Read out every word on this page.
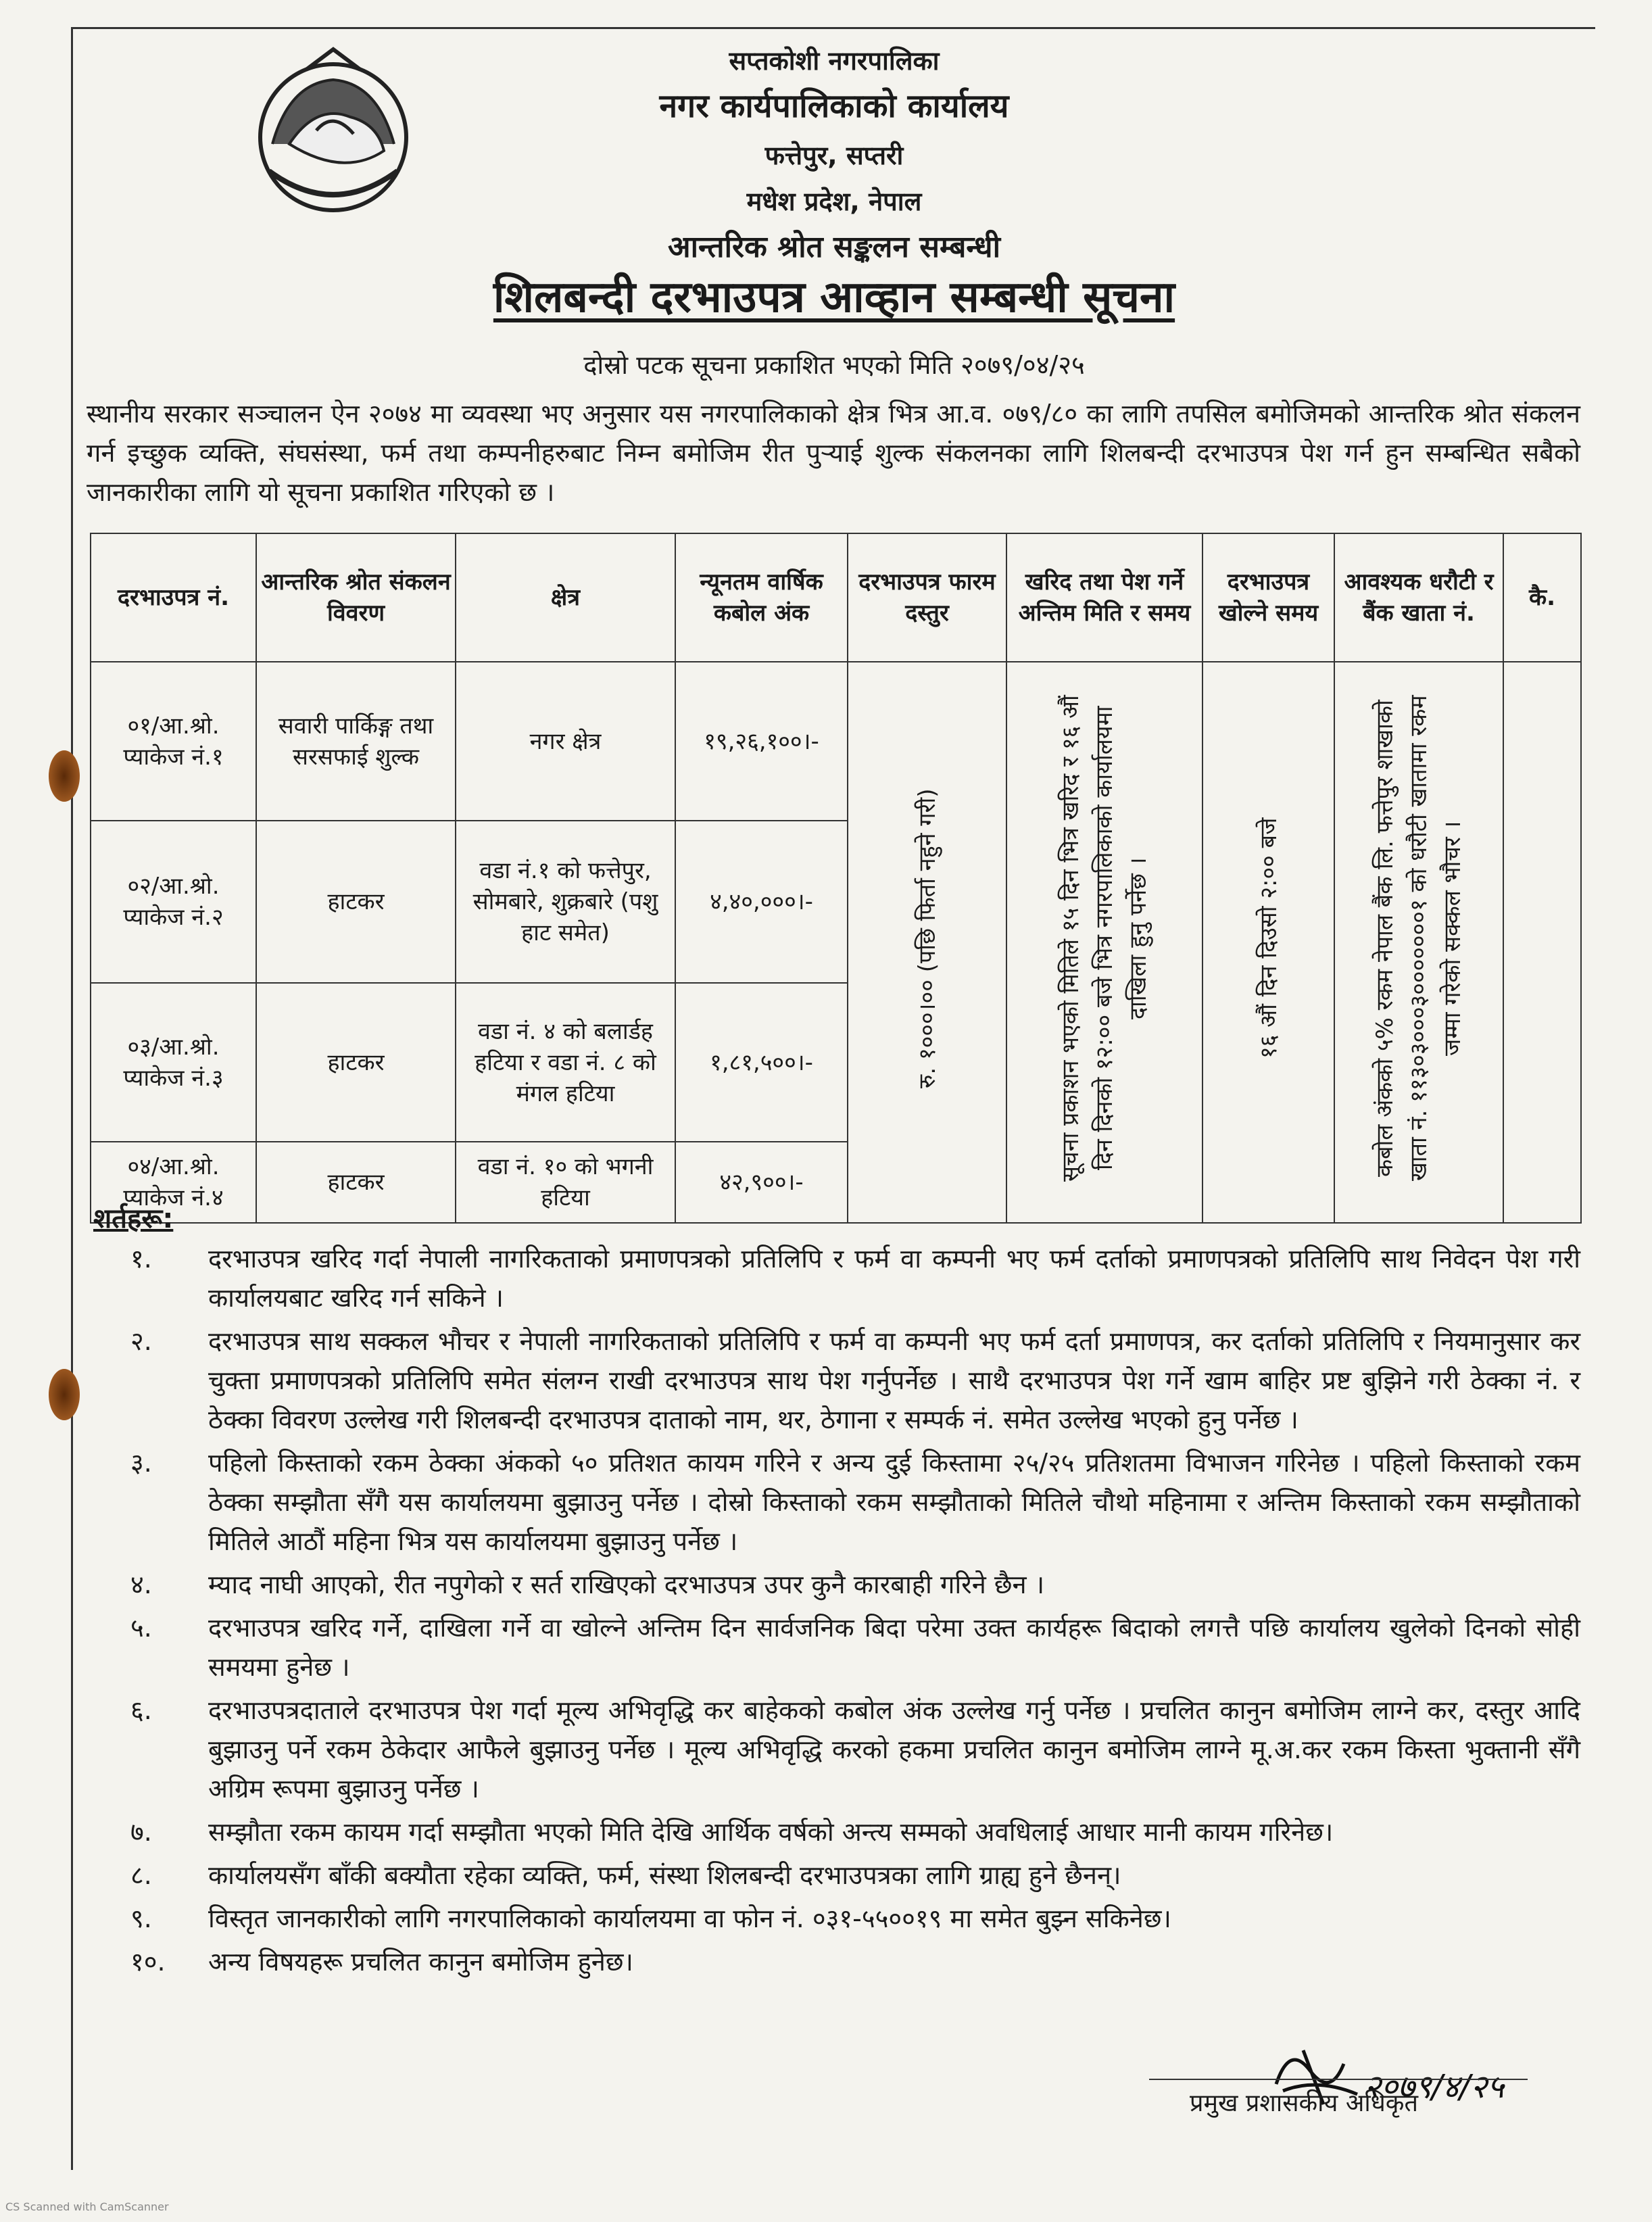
सप्तकोशी नगरपालिका
नगर कार्यपालिकाको कार्यालय
फत्तेपुर, सप्तरी
मधेश प्रदेश, नेपाल
आन्तरिक श्रोत सङ्कलन सम्बन्धी
शिलबन्दी दरभाउपत्र आव्हान सम्बन्धी सूचना
दोस्रो पटक सूचना प्रकाशित भएको मिति २०७९/०४/२५
स्थानीय सरकार सञ्चालन ऐन २०७४ मा व्यवस्था भए अनुसार यस नगरपालिकाको क्षेत्र भित्र आ.व. ०७९/८० का लागि तपसिल बमोजिमको आन्तरिक श्रोत संकलन गर्न इच्छुक व्यक्ति, संघसंस्था, फर्म तथा कम्पनीहरुबाट निम्न बमोजिम रीत पुऱ्याई शुल्क संकलनका लागि शिलबन्दी दरभाउपत्र पेश गर्न हुन सम्बन्धित सबैको जानकारीका लागि यो सूचना प्रकाशित गरिएको छ ।
दरभाउपत्र नं.	आन्तरिक श्रोत संकलन विवरण	क्षेत्र	न्यूनतम वार्षिक कबोल अंक	दरभाउपत्र फारम दस्तुर	खरिद तथा पेश गर्ने अन्तिम मिति र समय	दरभाउपत्र खोल्ने समय	आवश्यक धरौटी र बैंक खाता नं.	कै.
०१/आ.श्रो. प्याकेज नं.१	सवारी पार्किङ्ग तथा सरसफाई शुल्क	नगर क्षेत्र	१९,२६,१००।-	रु. १०००।०० (पछि फिर्ता नहुने गरी)	सूचना प्रकाशन भएको मितिले १५ दिन भित्र खरिद र १६ औं दिन दिनको १२:०० बजे भित्र नगरपालिकाको कार्यालयमा दाखिला हुनु पर्नेछ ।	१६ औं दिन दिउसो २:०० बजे	कबोल अंकको ५% रकम नेपाल बैंक लि. फत्तेपुर शाखाको खाता नं. ११३०३०००३०००००००१ को धरौटी खातामा रकम जम्मा गरेको सक्कल भौचर ।	
०२/आ.श्रो. प्याकेज नं.२	हाटकर	वडा नं.१ को फत्तेपुर, सोमबारे, शुक्रबारे (पशु हाट समेत)	४,४०,०००।-					
०३/आ.श्रो. प्याकेज नं.३	हाटकर	वडा नं. ४ को बलार्डह हटिया र वडा नं. ८ को मंगल हटिया	१,८१,५००।-					
०४/आ.श्रो. प्याकेज नं.४	हाटकर	वडा नं. १० को भगनी हटिया	४२,९००।-					
शर्तहरू:
१.	दरभाउपत्र खरिद गर्दा नेपाली नागरिकताको प्रमाणपत्रको प्रतिलिपि र फर्म वा कम्पनी भए फर्म दर्ताको प्रमाणपत्रको प्रतिलिपि साथ निवेदन पेश गरी कार्यालयबाट खरिद गर्न सकिने ।
२.	दरभाउपत्र साथ सक्कल भौचर र नेपाली नागरिकताको प्रतिलिपि र फर्म वा कम्पनी भए फर्म दर्ता प्रमाणपत्र, कर दर्ताको प्रतिलिपि र नियमानुसार कर चुक्ता प्रमाणपत्रको प्रतिलिपि समेत संलग्न राखी दरभाउपत्र साथ पेश गर्नुपर्नेछ । साथै दरभाउपत्र पेश गर्ने खाम बाहिर प्रष्ट बुझिने गरी ठेक्का नं. र ठेक्का विवरण उल्लेख गरी शिलबन्दी दरभाउपत्र दाताको नाम, थर, ठेगाना र सम्पर्क नं. समेत उल्लेख भएको हुनु पर्नेछ ।
३.	पहिलो किस्ताको रकम ठेक्का अंकको ५० प्रतिशत कायम गरिने र अन्य दुई किस्तामा २५/२५ प्रतिशतमा विभाजन गरिनेछ । पहिलो किस्ताको रकम ठेक्का सम्झौता सँगै यस कार्यालयमा बुझाउनु पर्नेछ । दोस्रो किस्ताको रकम सम्झौताको मितिले चौथो महिनामा र अन्तिम किस्ताको रकम सम्झौताको मितिले आठौं महिना भित्र यस कार्यालयमा बुझाउनु पर्नेछ ।
४.	म्याद नाघी आएको, रीत नपुगेको र सर्त राखिएको दरभाउपत्र उपर कुनै कारबाही गरिने छैन ।
५.	दरभाउपत्र खरिद गर्ने, दाखिला गर्ने वा खोल्ने अन्तिम दिन सार्वजनिक बिदा परेमा उक्त कार्यहरू बिदाको लगत्तै पछि कार्यालय खुलेको दिनको सोही समयमा हुनेछ ।
६.	दरभाउपत्रदाताले दरभाउपत्र पेश गर्दा मूल्य अभिवृद्धि कर बाहेकको कबोल अंक उल्लेख गर्नु पर्नेछ । प्रचलित कानुन बमोजिम लाग्ने कर, दस्तुर आदि बुझाउनु पर्ने रकम ठेकेदार आफैले बुझाउनु पर्नेछ । मूल्य अभिवृद्धि करको हकमा प्रचलित कानुन बमोजिम लाग्ने मू.अ.कर रकम किस्ता भुक्तानी सँगै अग्रिम रूपमा बुझाउनु पर्नेछ ।
७.	सम्झौता रकम कायम गर्दा सम्झौता भएको मिति देखि आर्थिक वर्षको अन्त्य सम्मको अवधिलाई आधार मानी कायम गरिनेछ।
८.	कार्यालयसँग बाँकी बक्यौता रहेका व्यक्ति, फर्म, संस्था शिलबन्दी दरभाउपत्रका लागि ग्राह्य हुने छैनन्।
९.	विस्तृत जानकारीको लागि नगरपालिकाको कार्यालयमा वा फोन नं. ०३१-५५००१९ मा समेत बुझ्न सकिनेछ।
१०.	अन्य विषयहरू प्रचलित कानुन बमोजिम हुनेछ।
२०७९/४/२५
प्रमुख प्रशासकीय अधिकृत
CS Scanned with CamScanner
